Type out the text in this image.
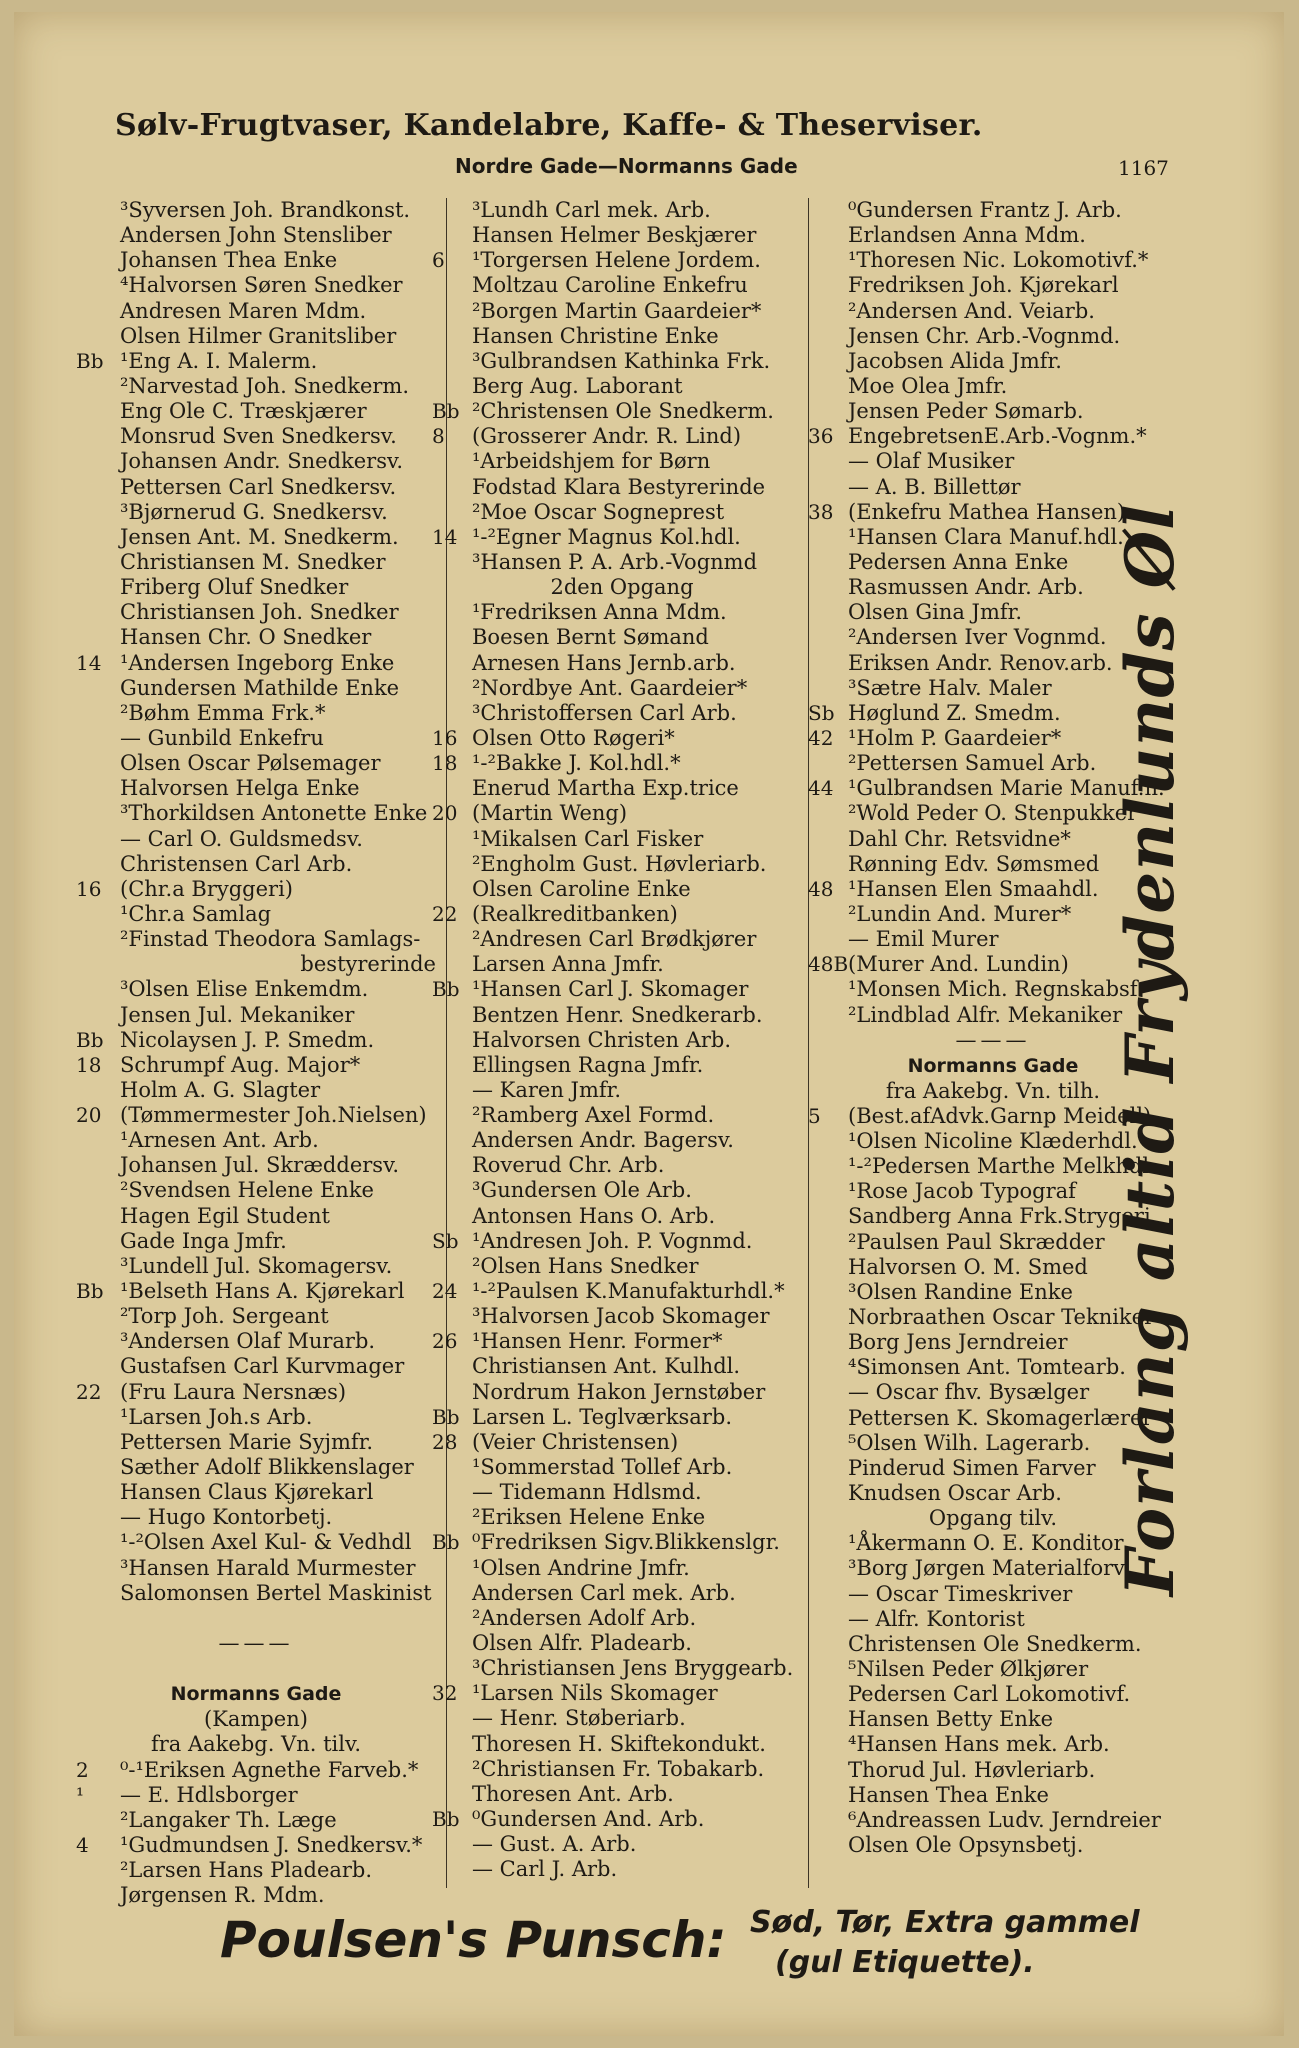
Sølv-Frugtvaser, Kandelabre, Kaffe- & Theserviser.
Nordre Gade—Normanns Gade	1167
³Syversen Joh. Brandkonst.
Andersen John Stensliber
Johansen Thea Enke
⁴Halvorsen Søren Snedker
Andresen Maren Mdm.
Olsen Hilmer Granitsliber
Bb ¹Eng A. I. Malerm.
²Narvestad Joh. Snedkerm.
Eng Ole C. Træskjærer
Monsrud Sven Snedkersv.
Johansen Andr. Snedkersv.
Pettersen Carl Snedkersv.
³Bjørnerud G. Snedkersv.
Jensen Ant. M. Snedkerm.
Christiansen M. Snedker
Friberg Oluf Snedker
Christiansen Joh. Snedker
Hansen Chr. O Snedker
14 ¹Andersen Ingeborg Enke
Gundersen Mathilde Enke
²Bøhm Emma Frk.*
— Gunbild Enkefru
Olsen Oscar Pølsemager
Halvorsen Helga Enke
³Thorkildsen Antonette Enke
— Carl O. Guldsmedsv.
Christensen Carl Arb.
16 (Chr.a Bryggeri)
¹Chr.a Samlag
²Finstad Theodora Samlags-
bestyrerinde
³Olsen Elise Enkemdm.
Jensen Jul. Mekaniker
Bb Nicolaysen J. P. Smedm.
18 Schrumpf Aug. Major*
Holm A. G. Slagter
20 (Tømmermester Joh.Nielsen)
¹Arnesen Ant. Arb.
Johansen Jul. Skræddersv.
²Svendsen Helene Enke
Hagen Egil Student
Gade Inga Jmfr.
³Lundell Jul. Skomagersv.
Bb ¹Belseth Hans A. Kjørekarl
²Torp Joh. Sergeant
³Andersen Olaf Murarb.
Gustafsen Carl Kurvmager
22 (Fru Laura Nersnæs)
¹Larsen Joh.s Arb.
Pettersen Marie Syjmfr.
Sæther Adolf Blikkenslager
Hansen Claus Kjørekarl
— Hugo Kontorbetj.
¹-²Olsen Axel Kul- & Vedhdl
³Hansen Harald Murmester
Salomonsen Bertel Maskinist
———
Normanns Gade
(Kampen)
fra Aakebg. Vn. tilv.
2 ⁰-¹Eriksen Agnethe Farveb.*
¹ — E. Hdlsborger
²Langaker Th. Læge
4 ¹Gudmundsen J. Snedkersv.*
²Larsen Hans Pladearb.
Jørgensen R. Mdm.
³Lundh Carl mek. Arb.
Hansen Helmer Beskjærer
6 ¹Torgersen Helene Jordem.
Moltzau Caroline Enkefru
²Borgen Martin Gaardeier*
Hansen Christine Enke
³Gulbrandsen Kathinka Frk.
Berg Aug. Laborant
Bb ²Christensen Ole Snedkerm.
8 (Grosserer Andr. R. Lind)
¹Arbeidshjem for Børn
Fodstad Klara Bestyrerinde
²Moe Oscar Sogneprest
14 ¹-²Egner Magnus Kol.hdl.
³Hansen P. A. Arb.-Vognmd
2den Opgang
¹Fredriksen Anna Mdm.
Boesen Bernt Sømand
Arnesen Hans Jernb.arb.
²Nordbye Ant. Gaardeier*
³Christoffersen Carl Arb.
16 Olsen Otto Røgeri*
18 ¹-²Bakke J. Kol.hdl.*
Enerud Martha Exp.trice
20 (Martin Weng)
¹Mikalsen Carl Fisker
²Engholm Gust. Høvleriarb.
Olsen Caroline Enke
22 (Realkreditbanken)
²Andresen Carl Brødkjører
Larsen Anna Jmfr.
Bb ¹Hansen Carl J. Skomager
Bentzen Henr. Snedkerarb.
Halvorsen Christen Arb.
Ellingsen Ragna Jmfr.
— Karen Jmfr.
²Ramberg Axel Formd.
Andersen Andr. Bagersv.
Roverud Chr. Arb.
³Gundersen Ole Arb.
Antonsen Hans O. Arb.
Sb ¹Andresen Joh. P. Vognmd.
²Olsen Hans Snedker
24 ¹-²Paulsen K.Manufakturhdl.*
³Halvorsen Jacob Skomager
26 ¹Hansen Henr. Former*
Christiansen Ant. Kulhdl.
Nordrum Hakon Jernstøber
Bb Larsen L. Teglværksarb.
28 (Veier Christensen)
¹Sommerstad Tollef Arb.
— Tidemann Hdlsmd.
²Eriksen Helene Enke
Bb ⁰Fredriksen Sigv.Blikkenslgr.
¹Olsen Andrine Jmfr.
Andersen Carl mek. Arb.
²Andersen Adolf Arb.
Olsen Alfr. Pladearb.
³Christiansen Jens Bryggearb.
32 ¹Larsen Nils Skomager
— Henr. Støberiarb.
Thoresen H. Skiftekondukt.
²Christiansen Fr. Tobakarb.
Thoresen Ant. Arb.
Bb ⁰Gundersen And. Arb.
— Gust. A. Arb.
— Carl J. Arb.
⁰Gundersen Frantz J. Arb.
Erlandsen Anna Mdm.
¹Thoresen Nic. Lokomotivf.*
Fredriksen Joh. Kjørekarl
²Andersen And. Veiarb.
Jensen Chr. Arb.-Vognmd.
Jacobsen Alida Jmfr.
Moe Olea Jmfr.
Jensen Peder Sømarb.
36 EngebretsenE.Arb.-Vognm.*
— Olaf Musiker
— A. B. Billettør
38 (Enkefru Mathea Hansen)
¹Hansen Clara Manuf.hdl.
Pedersen Anna Enke
Rasmussen Andr. Arb.
Olsen Gina Jmfr.
²Andersen Iver Vognmd.
Eriksen Andr. Renov.arb.
³Sætre Halv. Maler
Sb Høglund Z. Smedm.
42 ¹Holm P. Gaardeier*
²Pettersen Samuel Arb.
44 ¹Gulbrandsen Marie Manuf.h.
²Wold Peder O. Stenpukker
Dahl Chr. Retsvidne*
Rønning Edv. Sømsmed
48 ¹Hansen Elen Smaahdl.
²Lundin And. Murer*
— Emil Murer
48B (Murer And. Lundin)
¹Monsen Mich. Regnskabsf.
²Lindblad Alfr. Mekaniker
———
Normanns Gade
fra Aakebg. Vn. tilh.
5 (Best.afAdvk.Garnp Meidell)
¹Olsen Nicoline Klæderhdl.
¹-²Pedersen Marthe Melkhdl.
¹Rose Jacob Typograf
Sandberg Anna Frk.Strygeri
²Paulsen Paul Skrædder
Halvorsen O. M. Smed
³Olsen Randine Enke
Norbraathen Oscar Tekniker
Borg Jens Jerndreier
⁴Simonsen Ant. Tomtearb.
— Oscar fhv. Bysælger
Pettersen K. Skomagerlærer
⁵Olsen Wilh. Lagerarb.
Pinderud Simen Farver
Knudsen Oscar Arb.
Opgang tilv.
¹Åkermann O. E. Konditor
³Borg Jørgen Materialforv.
— Oscar Timeskriver
— Alfr. Kontorist
Christensen Ole Snedkerm.
⁵Nilsen Peder Ølkjører
Pedersen Carl Lokomotivf.
Hansen Betty Enke
⁴Hansen Hans mek. Arb.
Thorud Jul. Høvleriarb.
Hansen Thea Enke
⁶Andreassen Ludv. Jerndreier
Olsen Ole Opsynsbetj.
Forlang altid Frydenlunds Øl
Poulsen's Punsch: Sød, Tør, Extra gammel
(gul Etiquette).
